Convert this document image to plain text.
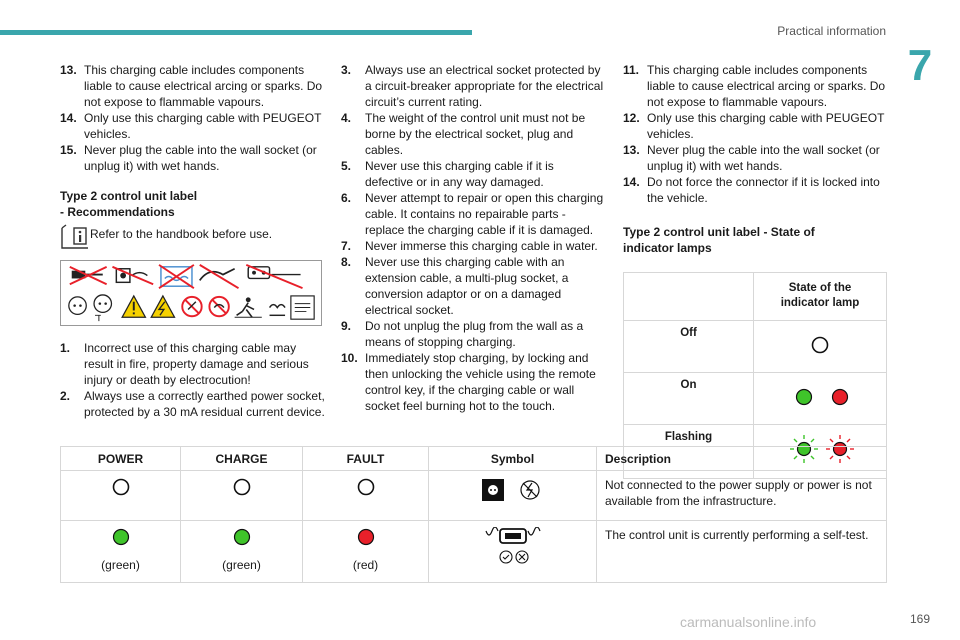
Practical information
7
13. This charging cable includes components liable to cause electrical arcing or sparks. Do not expose to flammable vapours.
14. Only use this charging cable with PEUGEOT vehicles.
15. Never plug the cable into the wall socket (or unplug it) with wet hands.
Type 2 control unit label
- Recommendations
Refer to the handbook before use.
1.	Incorrect use of this charging cable may result in fire, property damage and serious injury or death by electrocution!
2.	Always use a correctly earthed power socket, protected by a 30 mA residual current device.
3.	Always use an electrical socket protected by a circuit-breaker appropriate for the electrical circuit’s current rating.
4.	The weight of the control unit must not be borne by the electrical socket, plug and cables.
5.	Never use this charging cable if it is defective or in any way damaged.
6.	Never attempt to repair or open this charging cable. It contains no repairable parts - replace the charging cable if it is damaged.
7.	Never immerse this charging cable in water.
8.	Never use this charging cable with an extension cable, a multi-plug socket, a conversion adaptor or on a damaged electrical socket.
9.	Do not unplug the plug from the wall as a means of stopping charging.
10. Immediately stop charging, by locking and then unlocking the vehicle using the remote control key, if the charging cable or wall socket feel burning hot to the touch.
11. This charging cable includes components liable to cause electrical arcing or sparks. Do not expose to flammable vapours.
12. Only use this charging cable with PEUGEOT vehicles.
13. Never plug the cable into the wall socket (or unplug it) with wet hands.
14. Do not force the connector if it is locked into the vehicle.
Type 2 control unit label - State of
indicator lamps

	State of the
indicator lamp

Off	
On	
Flashing	
POWER	CHARGE	FAULT	Symbol	Description
				Not connected to the power supply or power is not available from the infrastructure.

(green)	(green)	(red)		The control unit is currently performing a self-test.
carmanualsonline.info	169
